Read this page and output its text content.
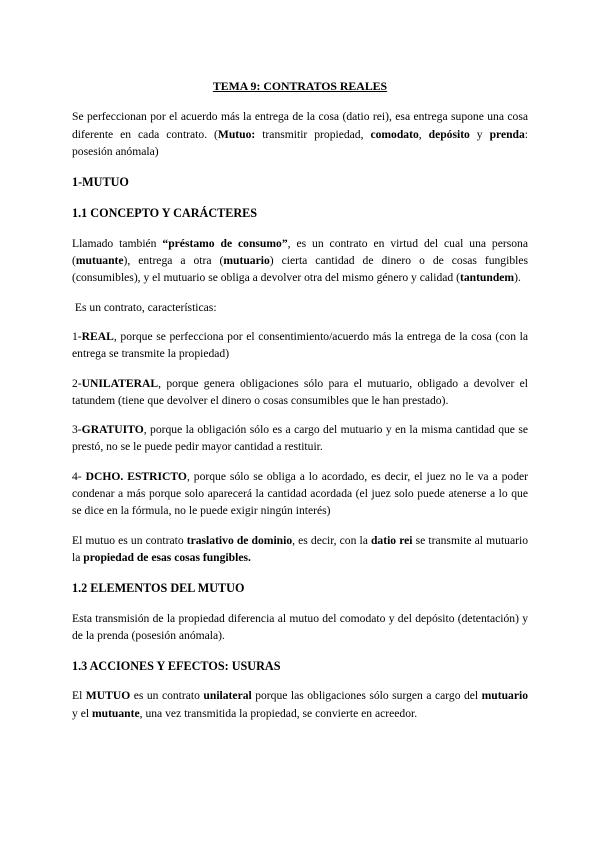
TEMA 9: CONTRATOS REALES

Se perfeccionan por el acuerdo más la entrega de la cosa (datio rei), esa entrega supone una cosa diferente en cada contrato. (Mutuo: transmitir propiedad, comodato, depósito y prenda: posesión anómala)

1-MUTUO
1.1 CONCEPTO Y CARÁCTERES

Llamado también “préstamo de consumo”, es un contrato en virtud del cual una persona (mutuante), entrega a otra (mutuario) cierta cantidad de dinero o de cosas fungibles (consumibles), y el mutuario se obliga a devolver otra del mismo género y calidad (tantundem).

Es un contrato, características:

1-REAL, porque se perfecciona por el consentimiento/acuerdo más la entrega de la cosa (con la entrega se transmite la propiedad)

2-UNILATERAL, porque genera obligaciones sólo para el mutuario, obligado a devolver el tatundem (tiene que devolver el dinero o cosas consumibles que le han prestado).

3-GRATUITO, porque la obligación sólo es a cargo del mutuario y en la misma cantidad que se prestó, no se le puede pedir mayor cantidad a restituir.

4- DCHO. ESTRICTO, porque sólo se obliga a lo acordado, es decir, el juez no le va a poder condenar a más porque solo aparecerá la cantidad acordada (el juez solo puede atenerse a lo que se dice en la fórmula, no le puede exigir ningún interés)

El mutuo es un contrato traslativo de dominio, es decir, con la datio rei se transmite al mutuario la propiedad de esas cosas fungibles.

1.2 ELEMENTOS DEL MUTUO

Esta transmisión de la propiedad diferencia al mutuo del comodato y del depósito (detentación) y de la prenda (posesión anómala).

1.3 ACCIONES Y EFECTOS: USURAS

El MUTUO es un contrato unilateral porque las obligaciones sólo surgen a cargo del mutuario y el mutuante, una vez transmitida la propiedad, se convierte en acreedor.
